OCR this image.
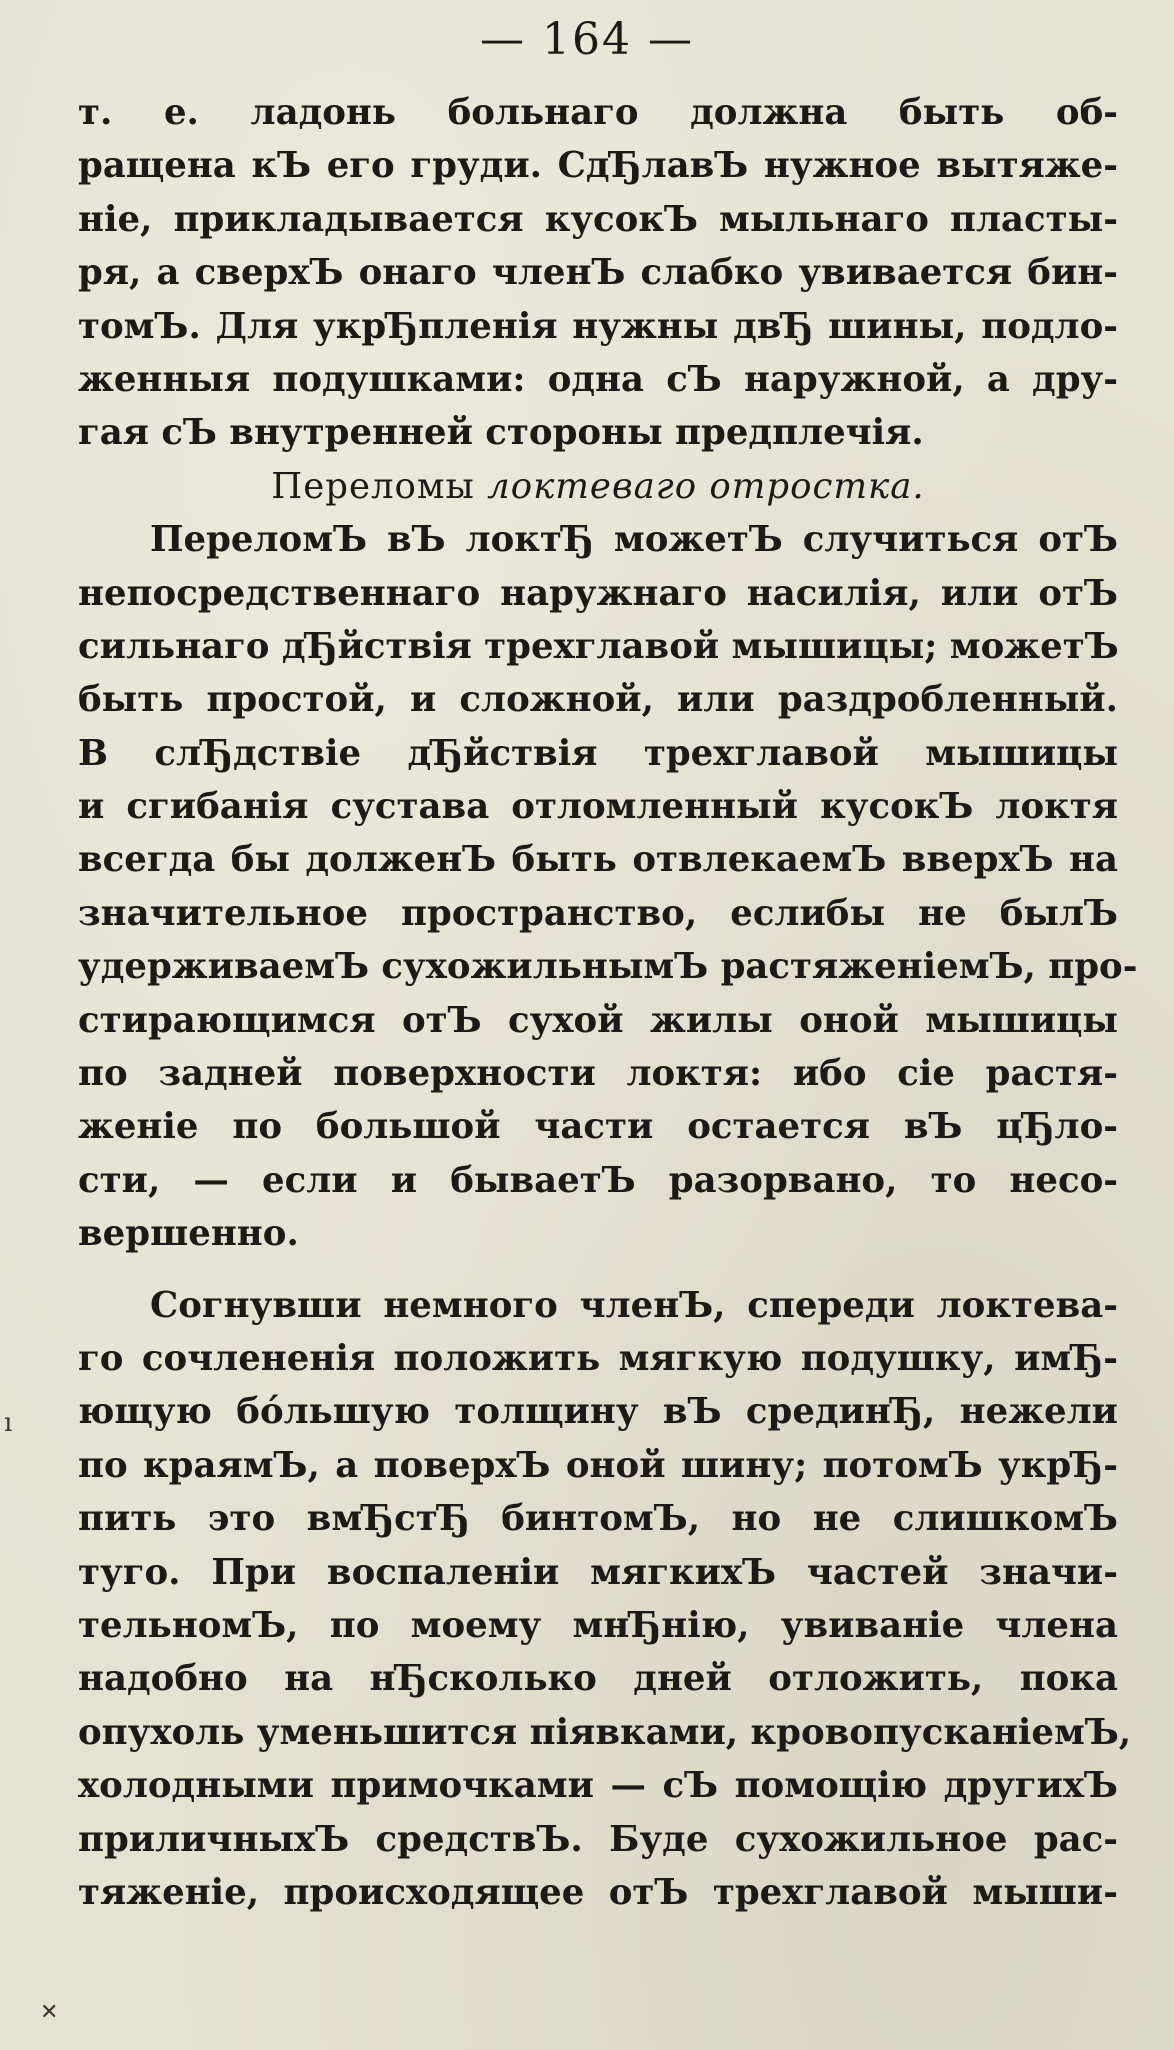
— 164 —
т. е. ладонь больнаго должна быть об-
ращена кЪ его груди. СдЂлавЪ нужное вытяже-
ніе, прикладывается кусокЪ мыльнаго пласты-
ря, а сверхЪ онаго членЪ слабко увивается бин-
томЪ. Для укрЂпленія нужны двЂ шины, подло-
женныя подушками: одна сЪ наружной, а дру-
гая сЪ внутренней стороны предплечія.
Переломы локтеваго отростка.
ПереломЪ вЪ локтЂ можетЪ случиться отЪ
непосредственнаго наружнаго насилія, или отЪ
сильнаго дЂйствія трехглавой мышицы; можетЪ
быть простой, и сложной, или раздробленный.
В слЂдствіе дЂйствія трехглавой мышицы
и сгибанія сустава отломленный кусокЪ локтя
всегда бы долженЪ быть отвлекаемЪ вверхЪ на
значительное пространство, еслибы не былЪ
удерживаемЪ сухожильнымЪ растяженіемЪ, про-
стирающимся отЪ сухой жилы оной мышицы
по задней поверхности локтя: ибо сіе растя-
женіе по большой части остается вЪ цЂло-
сти, — если и бываетЪ разорвано, то несо-
вершенно.
Согнувши немного членЪ, спереди локтева-
го сочлененія положить мягкую подушку, имЂ-
ющую бо́льшую толщину вЪ срединЂ, нежели
по краямЪ, а поверхЪ оной шину; потомЪ укрЂ-
пить это вмЂстЂ бинтомЪ, но не слишкомЪ
туго. При воспаленіи мягкихЪ частей значи-
тельномЪ, по моему мнЂнію, увиваніе члена
надобно на нЂсколько дней отложить, пока
опухоль уменьшится піявками, кровопусканіемЪ,
холодными примочками — сЪ помощію другихЪ
приличныхЪ средствЪ. Буде сухожильное рас-
тяженіе, происходящее отЪ трехглавой мыши-
ı
✕
